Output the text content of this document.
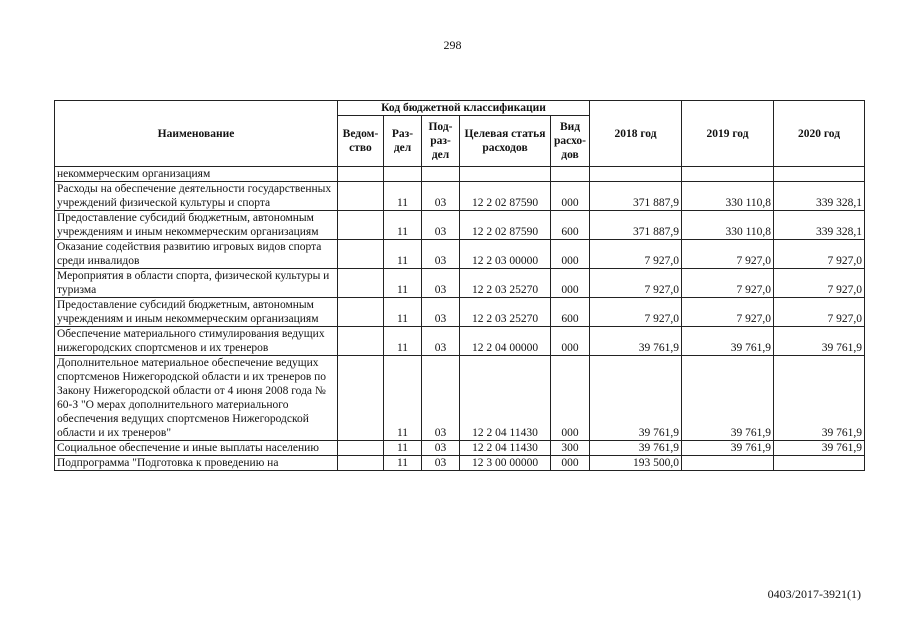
298
Наименование	Код бюджетной классификации					2018 год	2019 год	2020 год
	Ведом-ство	Раз-дел	Под-раз-дел	Целевая статья расходов	Вид расхо-дов			
некоммерческим организациям								
Расходы на обеспечение деятельности государственных учреждений физической культуры и спорта		11	03	12 2 02 87590	000	371 887,9	330 110,8	339 328,1
Предоставление субсидий бюджетным, автономным учреждениям и иным некоммерческим организациям		11	03	12 2 02 87590	600	371 887,9	330 110,8	339 328,1
Оказание содействия развитию игровых видов спорта среди инвалидов		11	03	12 2 03 00000	000	7 927,0	7 927,0	7 927,0
Мероприятия в области спорта, физической культуры и туризма		11	03	12 2 03 25270	000	7 927,0	7 927,0	7 927,0
Предоставление субсидий бюджетным, автономным учреждениям и иным некоммерческим организациям		11	03	12 2 03 25270	600	7 927,0	7 927,0	7 927,0
Обеспечение материального стимулирования ведущих нижегородских спортсменов и их тренеров		11	03	12 2 04 00000	000	39 761,9	39 761,9	39 761,9
Дополнительное материальное обеспечение ведущих спортсменов Нижегородской области и их тренеров по Закону Нижегородской области от 4 июня 2008 года № 60-З "О мерах дополнительного материального обеспечения ведущих спортсменов Нижегородской области и их тренеров"		11	03	12 2 04 11430	000	39 761,9	39 761,9	39 761,9
Социальное обеспечение и иные выплаты населению		11	03	12 2 04 11430	300	39 761,9	39 761,9	39 761,9
Подпрограмма "Подготовка к проведению на		11	03	12 3 00 00000	000	193 500,0		
0403/2017-3921(1)
